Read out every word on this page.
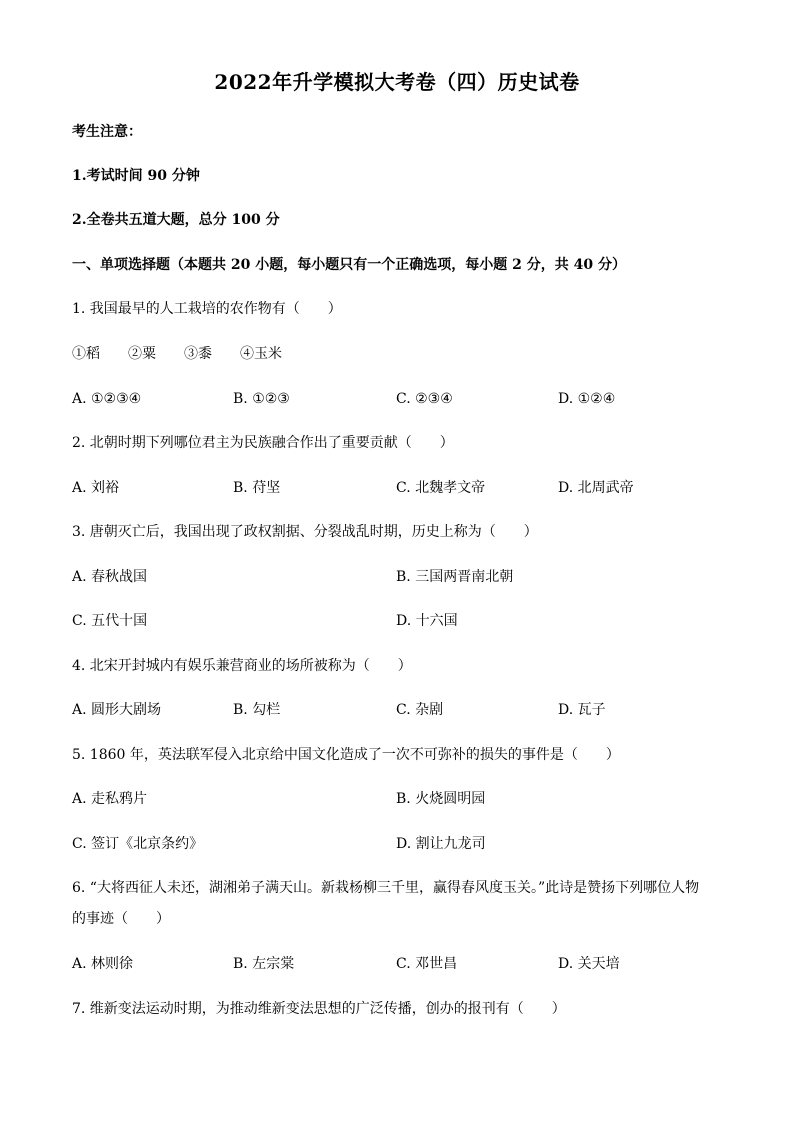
2022年升学模拟大考卷（四）历史试卷
考生注意：
1.考试时间 90 分钟
2.全卷共五道大题，总分 100 分
一、单项选择题（本题共 20 小题，每小题只有一个正确选项，每小题 2 分，共 40 分）
1. 我国最早的人工栽培的农作物有（　　）
①稻　　②粟　　③黍　　④玉米
A. ①②③④	B. ①②③	C. ②③④	D. ①②④
2. 北朝时期下列哪位君主为民族融合作出了重要贡献（　　）
A. 刘裕	B. 苻坚	C. 北魏孝文帝	D. 北周武帝
3. 唐朝灭亡后，我国出现了政权割据、分裂战乱时期，历史上称为（　　）
A. 春秋战国	B. 三国两晋南北朝
C. 五代十国	D. 十六国
4. 北宋开封城内有娱乐兼营商业的场所被称为（　　）
A. 圆形大剧场	B. 勾栏	C. 杂剧	D. 瓦子
5. 1860 年，英法联军侵入北京给中国文化造成了一次不可弥补的损失的事件是（　　）
A. 走私鸦片	B. 火烧圆明园
C. 签订《北京条约》	D. 割让九龙司
6. “大将西征人未还，湖湘弟子满天山。新栽杨柳三千里，赢得春风度玉关。”此诗是赞扬下列哪位人物
的事迹（　　）
A. 林则徐	B. 左宗棠	C. 邓世昌	D. 关天培
7. 维新变法运动时期，为推动维新变法思想的广泛传播，创办的报刊有（　　）
